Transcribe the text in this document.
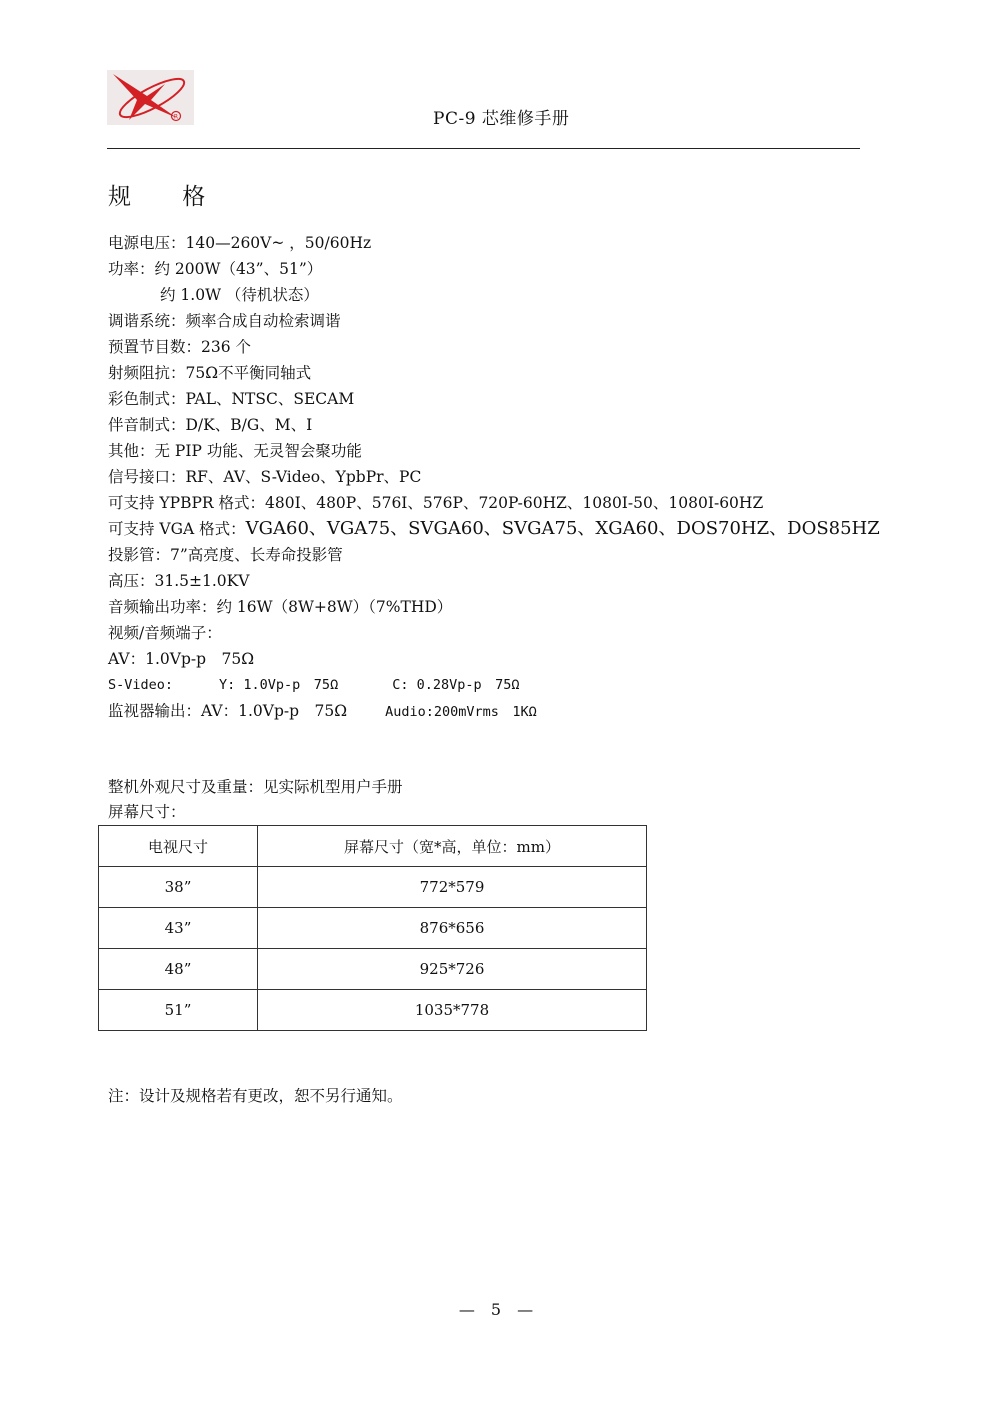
R	PC-9 芯维修手册
规 格
电源电压：140—260V~ ，50/60Hz
功率：约 200W（43”、51”）
约 1.0W （待机状态）
调谐系统：频率合成自动检索调谐
预置节目数：236 个
射频阻抗：75Ω不平衡同轴式
彩色制式：PAL、NTSC、SECAM
伴音制式：D/K、B/G、M、I
其他：无 PIP 功能、无灵智会聚功能
信号接口：RF、AV、S-Video、YpbPr、PC
可支持 YPBPR 格式：480I、480P、576I、576P、720P-60HZ、1080I-50、1080I-60HZ
可支持 VGA 格式：VGA60、VGA75、SVGA60、SVGA75、XGA60、DOS70HZ、DOS85HZ
投影管：7”高亮度、长寿命投影管
高压：31.5±1.0KV
音频输出功率：约 16W（8W+8W）（7%THD）
视频/音频端子：
AV：1.0Vp-p　75Ω
S-Video:	Y: 1.0Vp-p　75Ω	C: 0.28Vp-p　75Ω
监视器输出：AV：1.0Vp-p　75Ω	Audio:200mVrms　1KΩ
整机外观尺寸及重量：见实际机型用户手册
屏幕尺寸：
电视尺寸	屏幕尺寸（宽*高，单位：mm）
38”	772*579
43”	876*656
48”	925*726
51”	1035*778
注：设计及规格若有更改，恕不另行通知。
—　5　—
